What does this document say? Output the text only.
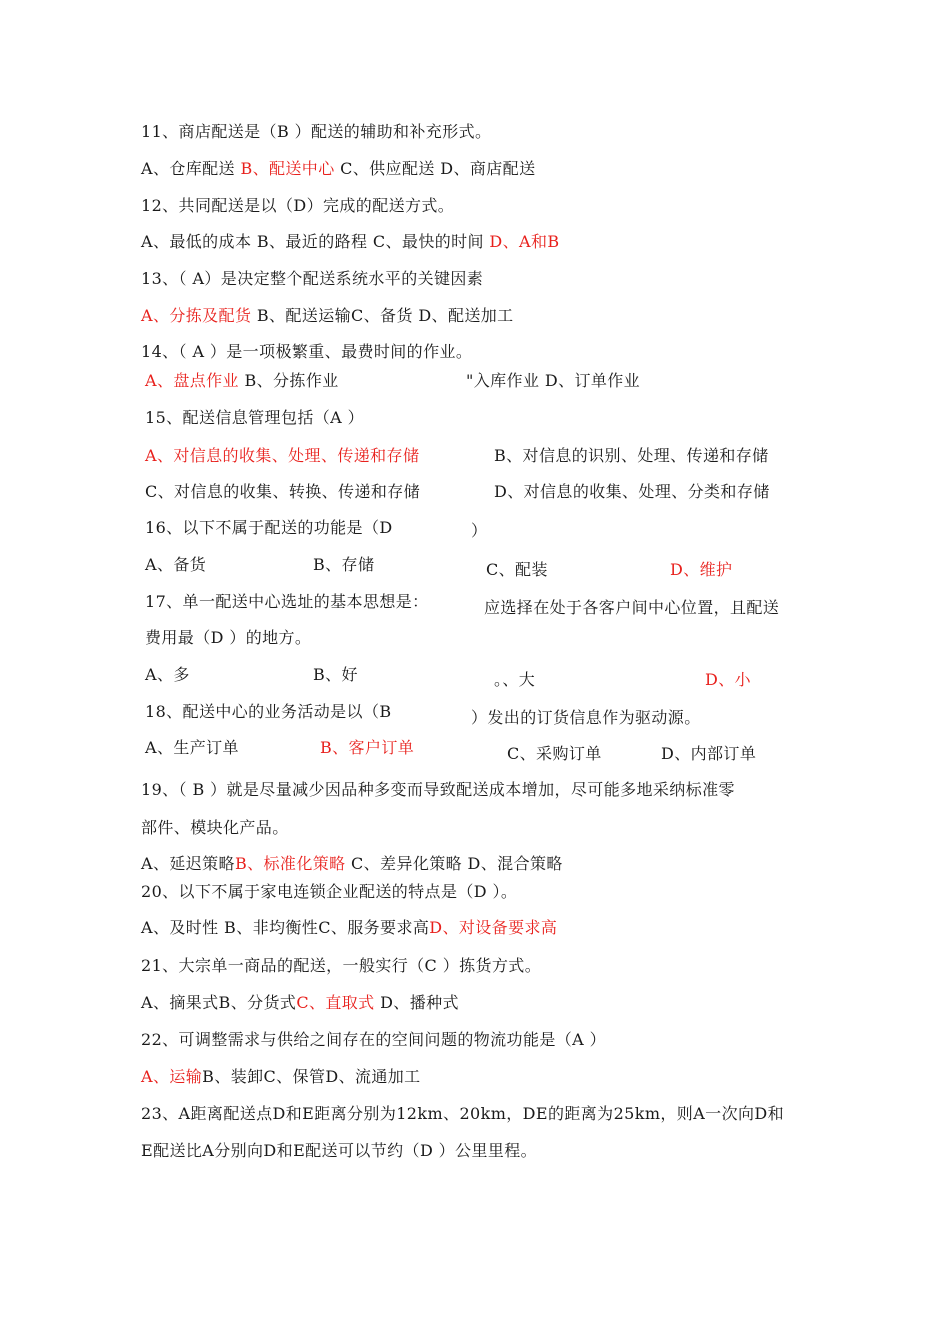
11、商店配送是（B ）配送的辅助和补充形式。
A、仓库配送 B、配送中心 C、供应配送 D、商店配送
12、共同配送是以（D）完成的配送方式。
A、最低的成本 B、最近的路程 C、最快的时间 D、A和B
13、（ A）是决定整个配送系统水平的关键因素
A、分拣及配货 B、配送运输C、备货 D、配送加工
14、（ A ）是一项极繁重、最费时间的作业。
A、盘点作业 B、分拣作业	"入库作业 D、订单作业
15、配送信息管理包括（A ）
A、对信息的收集、处理、传递和存储	B、对信息的识别、处理、传递和存储
C、对信息的收集、转换、传递和存储	D、对信息的收集、处理、分类和存储
16、以下不属于配送的功能是（D	）
A、备货	B、存储	C、配装	D、维护
17、单一配送中心选址的基本思想是：	应选择在处于各客户间中心位置，且配送
费用最（D ）的地方。
A、多	B、好	。、大	D、小
18、配送中心的业务活动是以（B	）发出的订货信息作为驱动源。
A、生产订单	B、客户订单	C、采购订单	D、内部订单
19、（ B ）就是尽量减少因品种多变而导致配送成本增加，尽可能多地采纳标准零
部件、模块化产品。
A、延迟策略B、标准化策略 C、差异化策略 D、混合策略
20、以下不属于家电连锁企业配送的特点是（D ）。
A、及时性 B、非均衡性C、服务要求高D、对设备要求高
21、大宗单一商品的配送，一般实行（C ）拣货方式。
A、摘果式B、分货式C、直取式 D、播种式
22、可调整需求与供给之间存在的空间问题的物流功能是（A ）
A、运输B、装卸C、保管D、流通加工
23、A距离配送点D和E距离分别为12km、20km，DE的距离为25km，则A一次向D和
E配送比A分别向D和E配送可以节约（D ）公里里程。
